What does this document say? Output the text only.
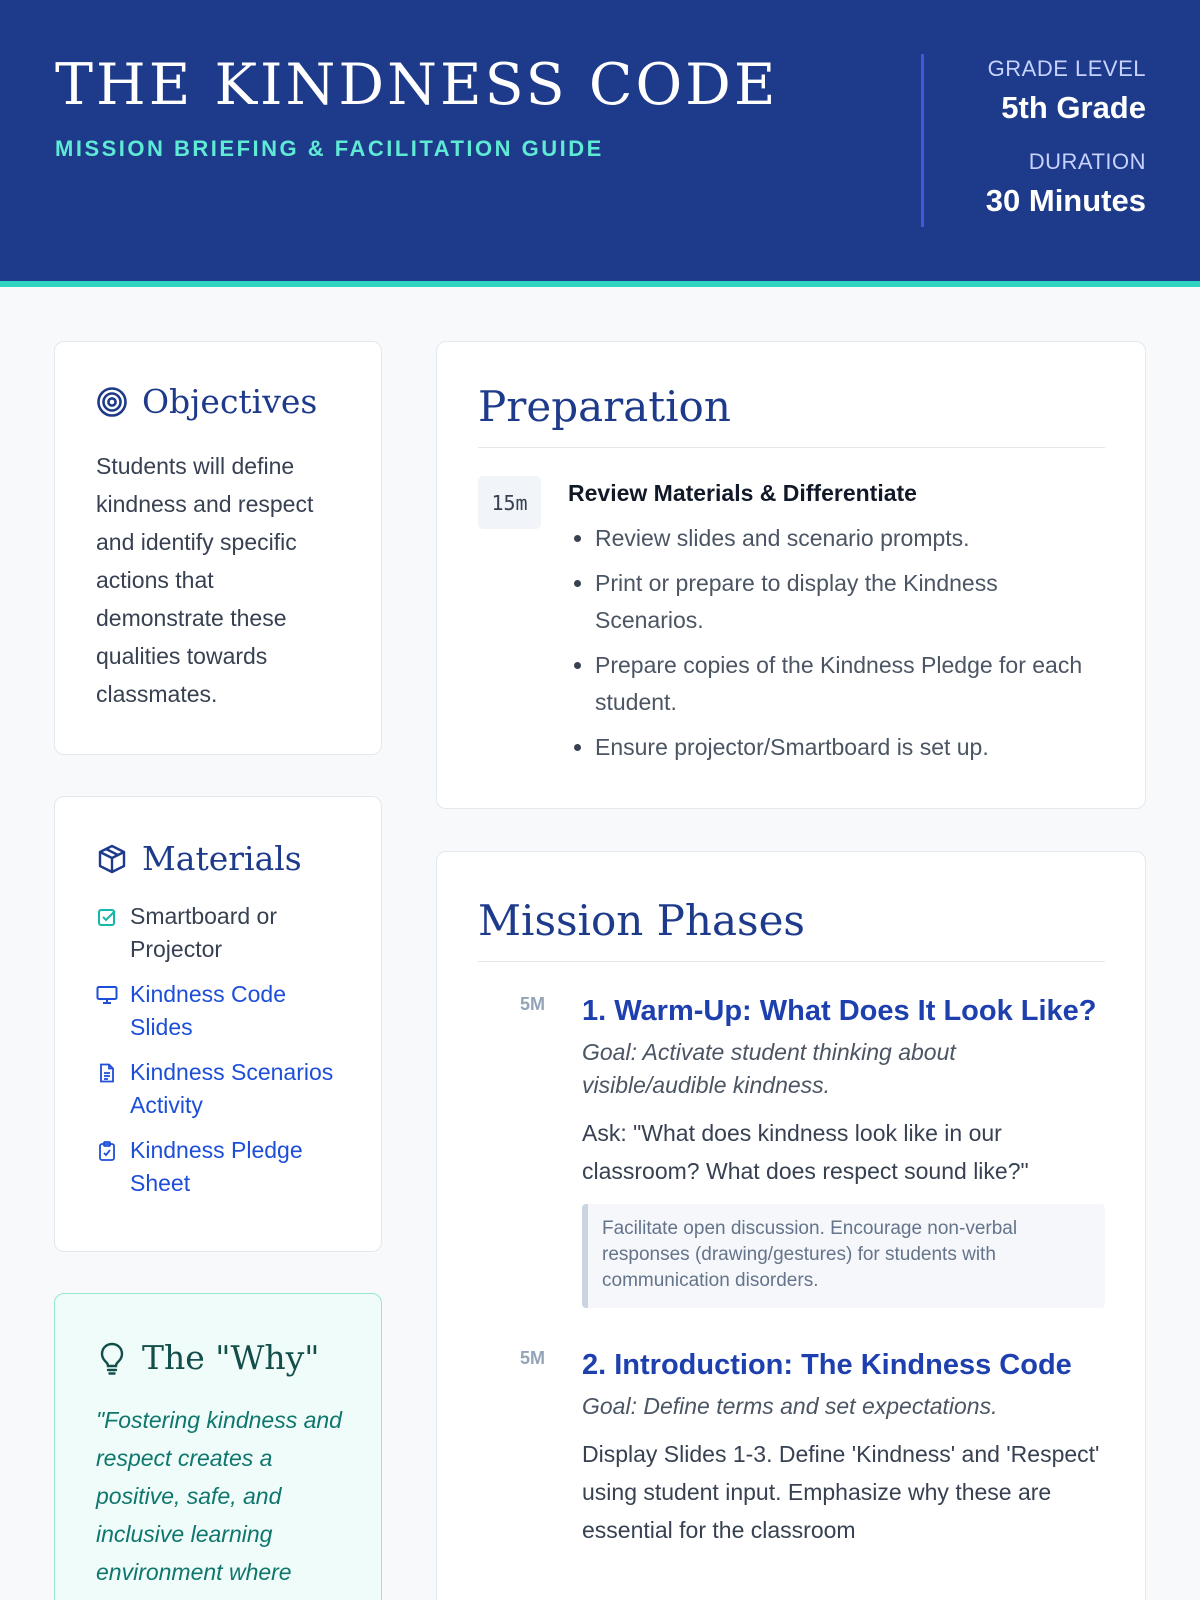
THE KINDNESS CODE
MISSION BRIEFING & FACILITATION GUIDE
GRADE LEVEL
5th Grade
DURATION
30 Minutes
Objectives

Students will define kindness and respect and identify specific actions that demonstrate these qualities towards classmates.

Materials
Smartboard or Projector
Kindness Code Slides
Kindness Scenarios Activity
Kindness Pledge Sheet
The "Why"

"Fostering kindness and respect creates a positive, safe, and inclusive learning environment where

Preparation
15m	Review Materials & Differentiate
• Review slides and scenario prompts.
• Print or prepare to display the Kindness Scenarios.
• Prepare copies of the Kindness Pledge for each student.
• Ensure projector/Smartboard is set up.
Mission Phases
5M	1. Warm-Up: What Does It Look Like?
Goal: Activate student thinking about visible/audible kindness.
Ask: "What does kindness look like in our classroom? What does respect sound like?"
Facilitate open discussion. Encourage non-verbal responses (drawing/gestures) for students with communication disorders.
5M	2. Introduction: The Kindness Code
Goal: Define terms and set expectations.
Display Slides 1-3. Define 'Kindness' and 'Respect' using student input. Emphasize why these are essential for the classroom
